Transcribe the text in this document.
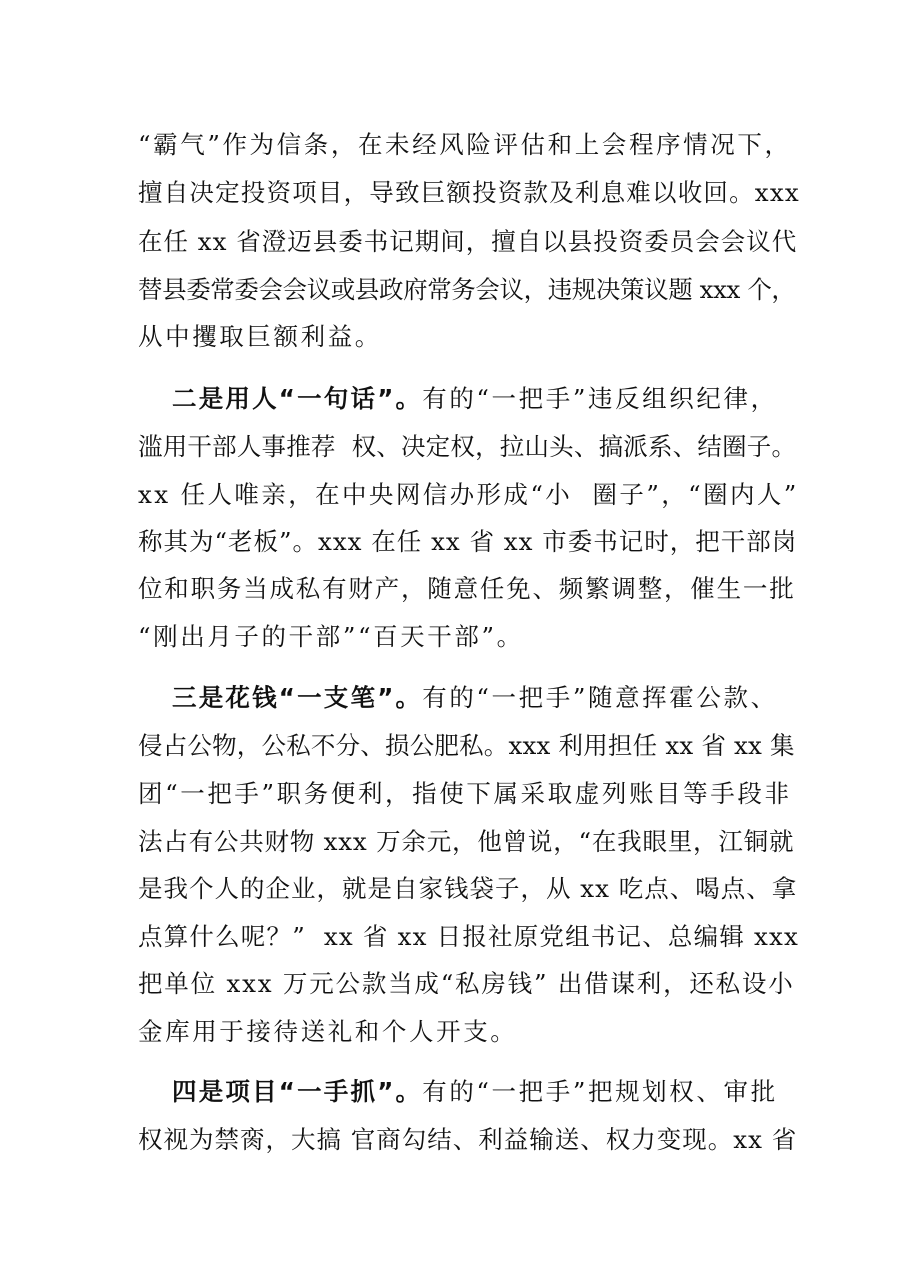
“霸气”作为信条，在未经风险评估和上会程序情况下，
擅自决定投资项目，导致巨额投资款及利息难以收回。xxx
在任 xx 省澄迈县委书记期间，擅自以县投资委员会会议代
替县委常委会会议或县政府常务会议，违规决策议题 xxx 个，
从中攫取巨额利益。
二是用人“一句话”。有的“一把手”违反组织纪律，
滥用干部人事推荐  权、决定权，拉山头、搞派系、结圈子。
xx 任人唯亲，在中央网信办形成“小  圈子”，“圈内人”
称其为“老板”。xxx 在任 xx 省 xx 市委书记时，把干部岗
位和职务当成私有财产，随意任免、频繁调整，催生一批
“刚出月子的干部”“百天干部”。
三是花钱“一支笔”。有的“一把手”随意挥霍公款、
侵占公物，公私不分、损公肥私。xxx 利用担任 xx 省 xx 集
团“一把手”职务便利，指使下属采取虚列账目等手段非
法占有公共财物 xxx 万余元，他曾说，“在我眼里，江铜就
是我个人的企业，就是自家钱袋子，从 xx 吃点、喝点、拿
点算什么呢？”  xx 省 xx 日报社原党组书记、总编辑 xxx
把单位 xxx 万元公款当成“私房钱” 出借谋利，还私设小
金库用于接待送礼和个人开支。
四是项目“一手抓”。有的“一把手”把规划权、审批
权视为禁脔，大搞 官商勾结、利益输送、权力变现。xx 省
